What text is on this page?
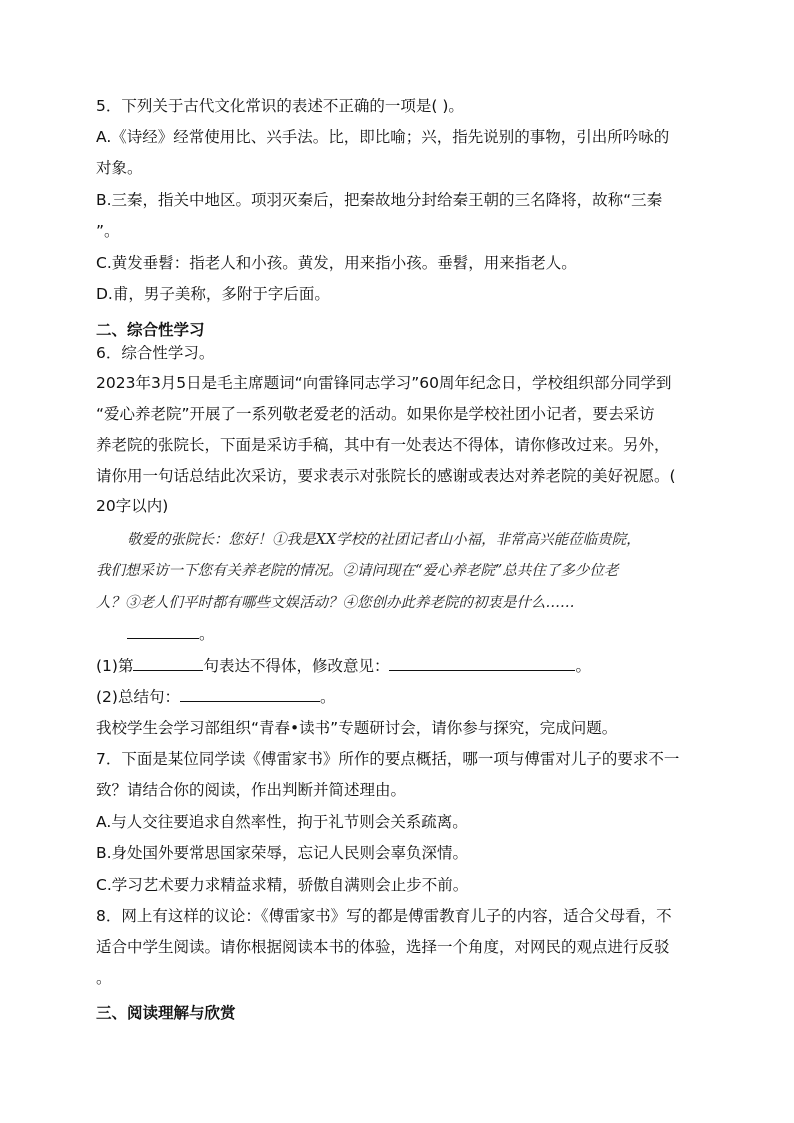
5．下列关于古代文化常识的表述不正确的一项是( )。
A.《诗经》经常使用比、兴手法。比，即比喻；兴，指先说别的事物，引出所吟咏的
对象。
B.三秦，指关中地区。项羽灭秦后，把秦故地分封给秦王朝的三名降将，故称“三秦
”。
C.黄发垂髫：指老人和小孩。黄发，用来指小孩。垂髫，用来指老人。
D.甫，男子美称，多附于字后面。
二、综合性学习
6．综合性学习。
2023年3月5日是毛主席题词“向雷锋同志学习”60周年纪念日，学校组织部分同学到
“爱心养老院”开展了一系列敬老爱老的活动。如果你是学校社团小记者，要去采访
养老院的张院长，下面是采访手稿，其中有一处表达不得体，请你修改过来。另外，
请你用一句话总结此次采访，要求表示对张院长的感谢或表达对养老院的美好祝愿。(
20字以内)
敬爱的张院长：您好！①我是XX学校的社团记者山小福，非常高兴能莅临贵院，
我们想采访一下您有关养老院的情况。②请问现在“爱心养老院”总共住了多少位老
人？③老人们平时都有哪些文娱活动？④您创办此养老院的初衷是什么……
。
(1)第	句表达不得体，修改意见：	。
(2)总结句：	。
我校学生会学习部组织“青春•读书”专题研讨会，请你参与探究，完成问题。
7．下面是某位同学读《傅雷家书》所作的要点概括，哪一项与傅雷对儿子的要求不一
致？请结合你的阅读，作出判断并简述理由。
A.与人交往要追求自然率性，拘于礼节则会关系疏离。
B.身处国外要常思国家荣辱，忘记人民则会辜负深情。
C.学习艺术要力求精益求精，骄傲自满则会止步不前。
8．网上有这样的议论：《傅雷家书》写的都是傅雷教育儿子的内容，适合父母看，不
适合中学生阅读。请你根据阅读本书的体验，选择一个角度，对网民的观点进行反驳
。
三、阅读理解与欣赏
